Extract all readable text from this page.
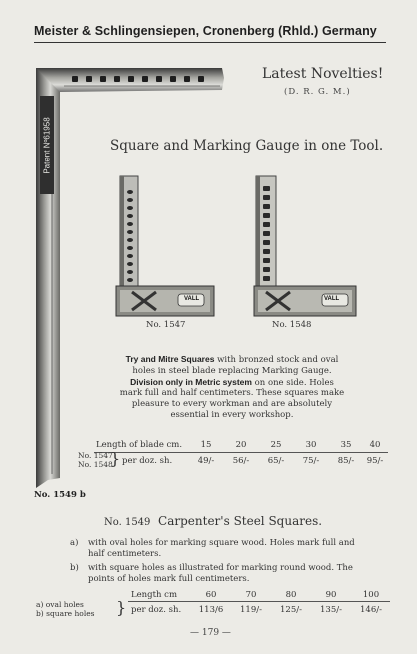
Meister & Schlingensiepen, Cronenberg (Rhld.) Germany
Patent Nº61958
Latest Novelties!
(D. R. G. M.)
Square and Marking Gauge in one Tool.
No. 1547	No. 1548
VALL
VALL
Try and Mitre Squares with bronzed stock and oval holes in steel blade replacing Marking Gauge. Division only in Metric system on one side. Holes mark full and half centimeters. These squares make pleasure to every workman and are absolutely essential in every workshop.
Length of blade cm.	15	20	25	30	35	40
No. 1547
No. 1548
} per doz. sh.	49/-	56/-	65/-	75/-	85/-	95/-
No. 1549 b
No. 1549 Carpenter's Steel Squares.
a) with oval holes for marking square wood. Holes mark full and half centimeters.
b) with square holes as illustrated for marking round wood. The points of holes mark full centimeters.
Length cm	60	70	80	90	100
a) oval holes
b) square holes } per doz. sh.	113/6	119/-	125/-	135/-	146/-
— 179 —
